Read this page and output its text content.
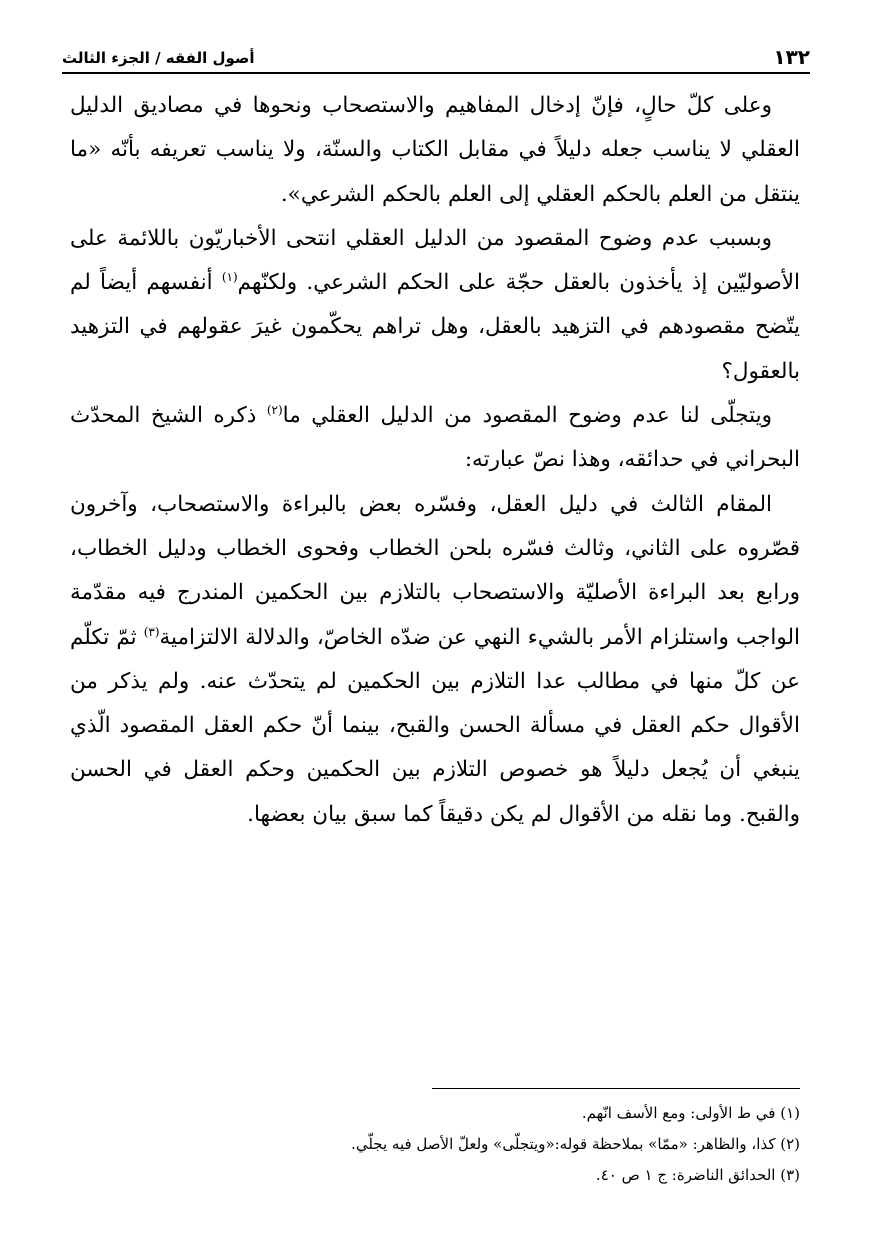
أصول الفقه / الجزء الثالث	١٣٢

وعلى كلّ حالٍ، فإنّ إدخال المفاهيم والاستصحاب ونحوها في مصاديق الدليل العقلي لا يناسب جعله دليلاً في مقابل الكتاب والسنّة، ولا يناسب تعريفه بأنّه «ما ينتقل من العلم بالحكم العقلي إلى العلم بالحكم الشرعي».

وبسبب عدم وضوح المقصود من الدليل العقلي انتحى الأخباريّون باللائمة على الأصوليّين إذ يأخذون بالعقل حجّة على الحكم الشرعي. ولكنّهم$^{(١)}$ أنفسهم أيضاً لم يتّضح مقصودهم في التزهيد بالعقل، وهل تراهم يحكّمون غيرَ عقولهم في التزهيد بالعقول؟

ويتجلّى لنا عدم وضوح المقصود من الدليل العقلي ما$^{(٢)}$ ذكره الشيخ المحدّث البحراني في حدائقه، وهذا نصّ عبارته:

المقام الثالث في دليل العقل، وفسّره بعض بالبراءة والاستصحاب، وآخرون قصّروه على الثاني، وثالث فسّره بلحن الخطاب وفحوى الخطاب ودليل الخطاب، ورابع بعد البراءة الأصليّة والاستصحاب بالتلازم بين الحكمين المندرج فيه مقدّمة الواجب واستلزام الأمر بالشيء النهي عن ضدّه الخاصّ، والدلالة الالتزامية$^{(٣)}$ ثمّ تكلّم عن كلّ منها في مطالب عدا التلازم بين الحكمين لم يتحدّث عنه. ولم يذكر من الأقوال حكم العقل في مسألة الحسن والقبح، بينما أنّ حكم العقل المقصود الّذي ينبغي أن يُجعل دليلاً هو خصوص التلازم بين الحكمين وحكم العقل في الحسن والقبح. وما نقله من الأقوال لم يكن دقيقاً كما سبق بيان بعضها.

(١) في ط الأولى: ومع الأسف انّهم.
(٢) كذا، والظاهر: «ممّا» بملاحظة قوله:«ويتجلّى» ولعلّ الأصل فيه يجلّي.
(٣) الحدائق الناضرة: ج ١ ص ٤٠.
